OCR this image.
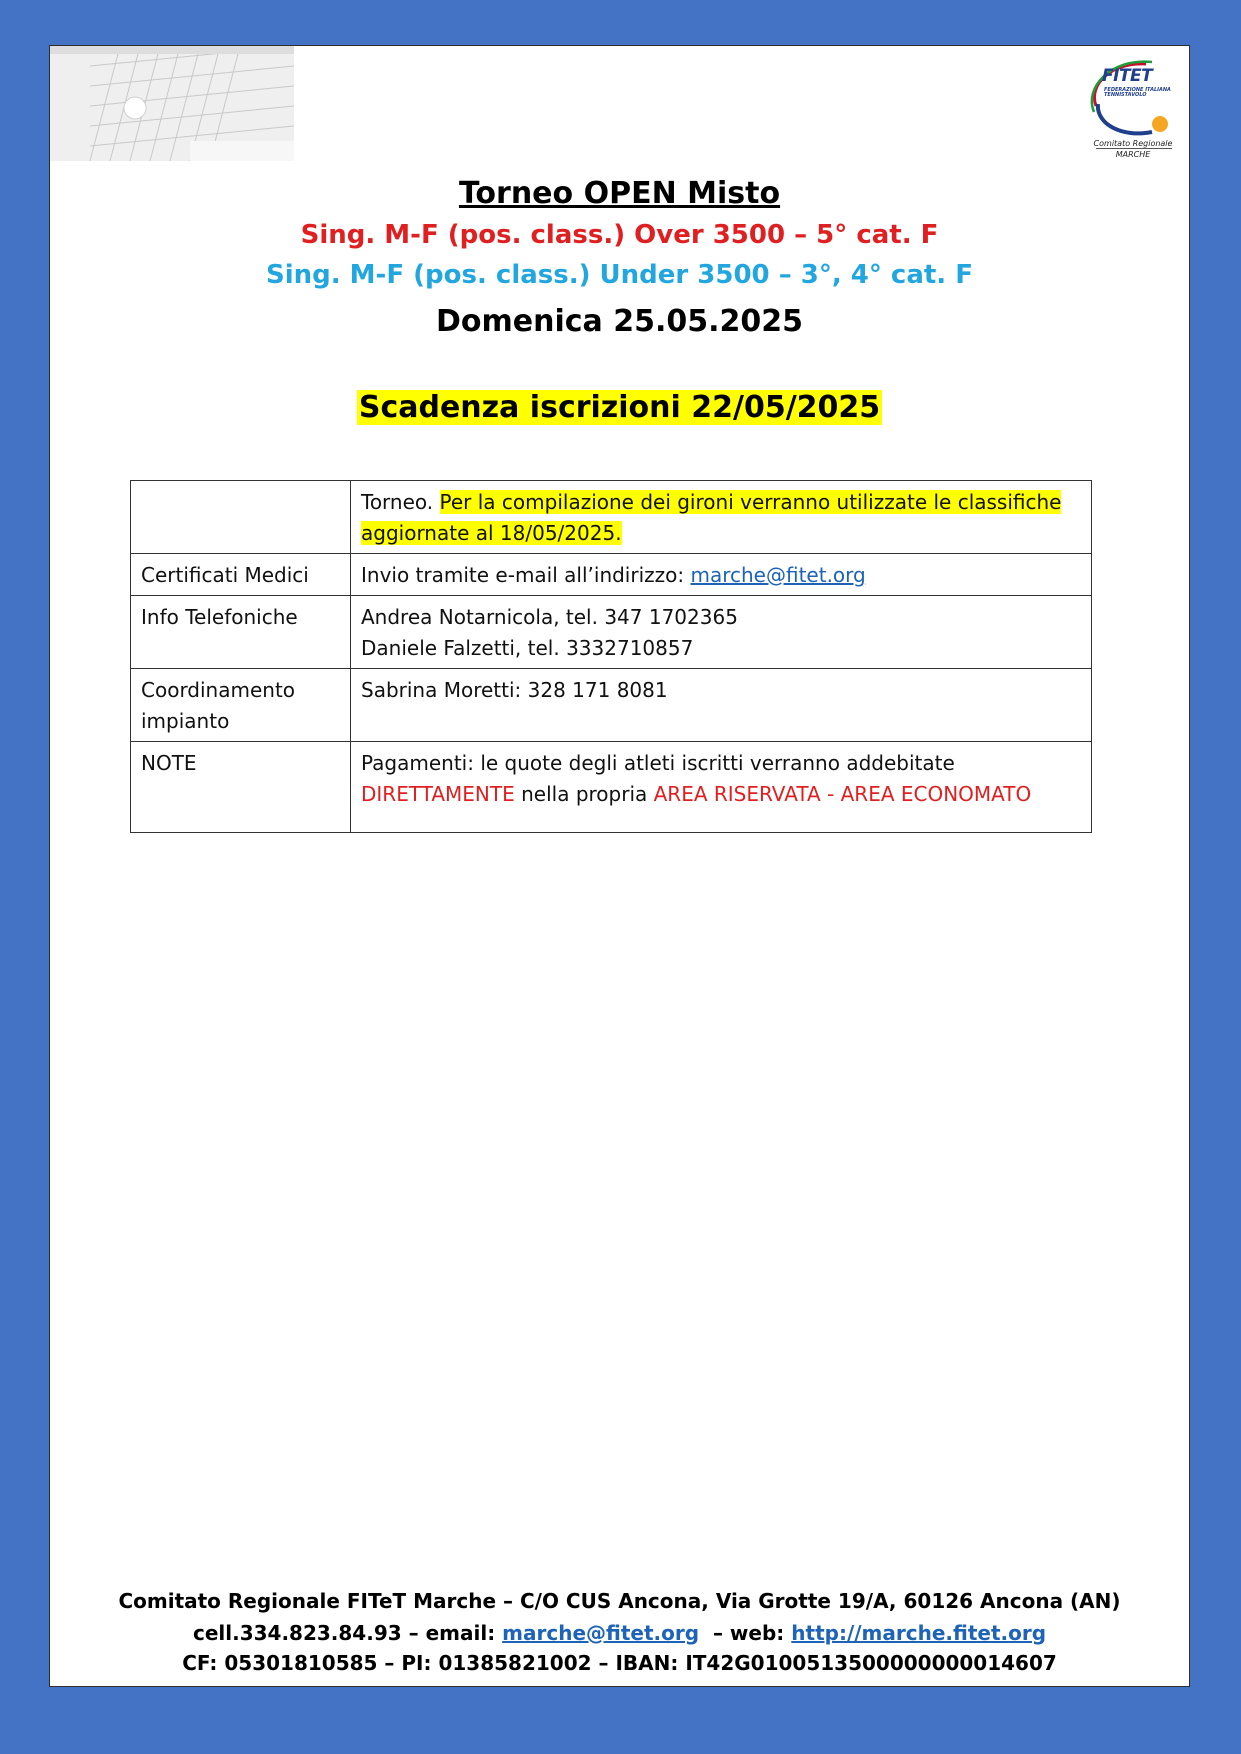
FITET
FEDERAZIONE ITALIANA TENNISTAVOLO
Comitato Regionale
MARCHE
Torneo OPEN Misto
Sing. M-F (pos. class.) Over 3500 – 5° cat. F
Sing. M-F (pos. class.) Under 3500 – 3°, 4° cat. F
Domenica 25.05.2025
Scadenza iscrizioni 22/05/2025
	Torneo. Per la compilazione dei gironi verranno utilizzate le classifiche aggiornate al 18/05/2025.
Certificati Medici	Invio tramite e-mail all’indirizzo: marche@fitet.org
Info Telefoniche	Andrea Notarnicola, tel. 347 1702365
Daniele Falzetti, tel. 3332710857

Coordinamento impianto	Sabrina Moretti: 328 171 8081
NOTE	Pagamenti: le quote degli atleti iscritti verranno addebitate DIRETTAMENTE nella propria AREA RISERVATA - AREA ECONOMATO
Comitato Regionale FITeT Marche – C/O CUS Ancona, Via Grotte 19/A, 60126 Ancona (AN)
cell.334.823.84.93 – email: marche@fitet.org  – web: http://marche.fitet.org
CF: 05301810585 – PI: 01385821002 – IBAN: IT42G0100513500000000014607
